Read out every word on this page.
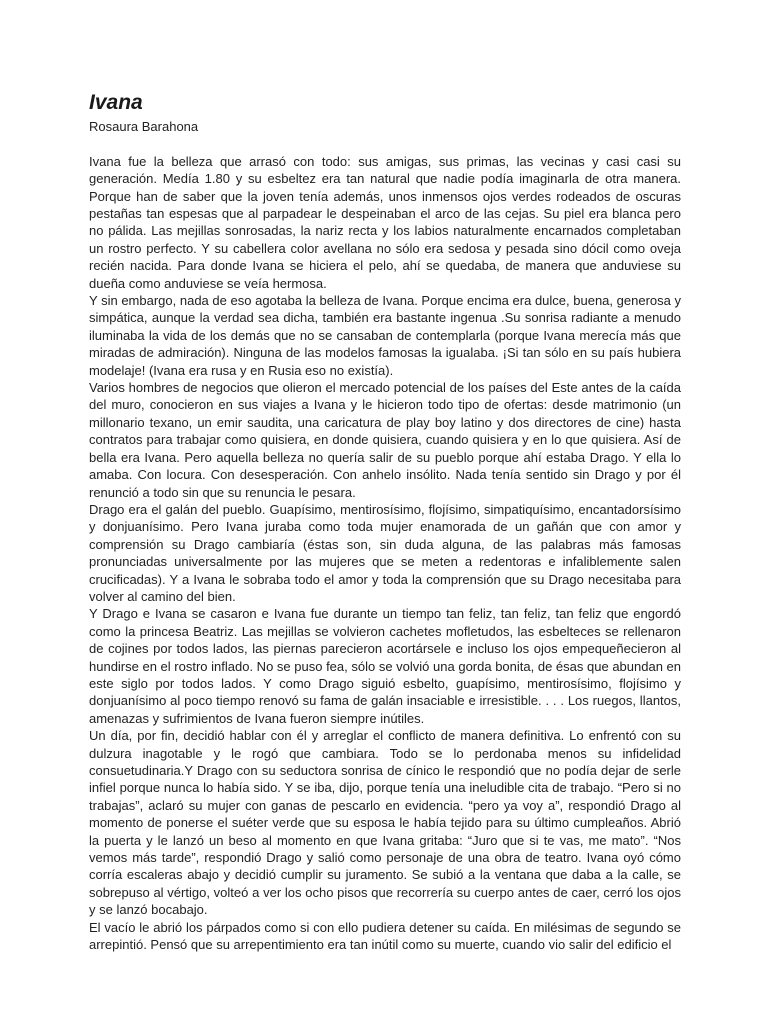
Ivana
Rosaura Barahona

Ivana fue la belleza que arrasó con todo: sus amigas, sus primas, las vecinas y casi casi su generación. Medía 1.80 y su esbeltez era tan natural que nadie podía imaginarla de otra manera. Porque han de saber que la joven tenía además, unos inmensos ojos verdes rodeados de oscuras pestañas tan espesas que al parpadear le despeinaban el arco de las cejas. Su piel era blanca pero no pálida. Las mejillas sonrosadas, la nariz recta y los labios naturalmente encarnados completaban un rostro perfecto. Y su cabellera color avellana no sólo era sedosa y pesada sino dócil como oveja recién nacida. Para donde Ivana se hiciera el pelo, ahí se quedaba, de manera que anduviese su dueña como anduviese se veía hermosa.

Y sin embargo, nada de eso agotaba la belleza de Ivana. Porque encima era dulce, buena, generosa y simpática, aunque la verdad sea dicha, también era bastante ingenua .Su sonrisa radiante a menudo iluminaba la vida de los demás que no se cansaban de contemplarla (porque Ivana merecía más que miradas de admiración). Ninguna de las modelos famosas la igualaba. ¡Si tan sólo en su país hubiera modelaje! (Ivana era rusa y en Rusia eso no existía).

Varios hombres de negocios que olieron el mercado potencial de los países del Este antes de la caída del muro, conocieron en sus viajes a Ivana y le hicieron todo tipo de ofertas: desde matrimonio (un millonario texano, un emir saudita, una caricatura de play boy latino y dos directores de cine) hasta contratos para trabajar como quisiera, en donde quisiera, cuando quisiera y en lo que quisiera. Así de bella era Ivana. Pero aquella belleza no quería salir de su pueblo porque ahí estaba Drago. Y ella lo amaba. Con locura. Con desesperación. Con anhelo insólito. Nada tenía sentido sin Drago y por él renunció a todo sin que su renuncia le pesara.

Drago era el galán del pueblo. Guapísimo, mentirosísimo, flojísimo, simpatiquísimo, encantadorsísimo y donjuanísimo. Pero Ivana juraba como toda mujer enamorada de un gañán que con amor y comprensión su Drago cambiaría (éstas son, sin duda alguna, de las palabras más famosas pronunciadas universalmente por las mujeres que se meten a redentoras e infaliblemente salen crucificadas). Y a Ivana le sobraba todo el amor y toda la comprensión que su Drago necesitaba para volver al camino del bien.

Y Drago e Ivana se casaron e Ivana fue durante un tiempo tan feliz, tan feliz, tan feliz que engordó como la princesa Beatriz. Las mejillas se volvieron cachetes mofletudos, las esbelteces se rellenaron de cojines por todos lados, las piernas parecieron acortársele e incluso los ojos empequeñecieron al hundirse en el rostro inflado. No se puso fea, sólo se volvió una gorda bonita, de ésas que abundan en este siglo por todos lados. Y como Drago siguió esbelto, guapísimo, mentirosísimo, flojísimo y donjuanísimo al poco tiempo renovó su fama de galán insaciable e irresistible. . . . Los ruegos, llantos, amenazas y sufrimientos de Ivana fueron siempre inútiles.

Un día, por fin, decidió hablar con él y arreglar el conflicto de manera definitiva. Lo enfrentó con su dulzura inagotable y le rogó que cambiara. Todo se lo perdonaba menos su infidelidad consuetudinaria.Y Drago con su seductora sonrisa de cínico le respondió que no podía dejar de serle infiel porque nunca lo había sido. Y se iba, dijo, porque tenía una ineludible cita de trabajo. “Pero si no trabajas”, aclaró su mujer con ganas de pescarlo en evidencia. “pero ya voy a”, respondió Drago al momento de ponerse el suéter verde que su esposa le había tejido para su último cumpleaños. Abrió la puerta y le lanzó un beso al momento en que Ivana gritaba: “Juro que si te vas, me mato”. “Nos vemos más tarde”, respondió Drago y salió como personaje de una obra de teatro. Ivana oyó cómo corría escaleras abajo y decidió cumplir su juramento. Se subió a la ventana que daba a la calle, se sobrepuso al vértigo, volteó a ver los ocho pisos que recorrería su cuerpo antes de caer, cerró los ojos y se lanzó bocabajo.

El vacío le abrió los párpados como si con ello pudiera detener su caída. En milésimas de segundo se arrepintió. Pensó que su arrepentimiento era tan inútil como su muerte, cuando vio salir del edificio el
